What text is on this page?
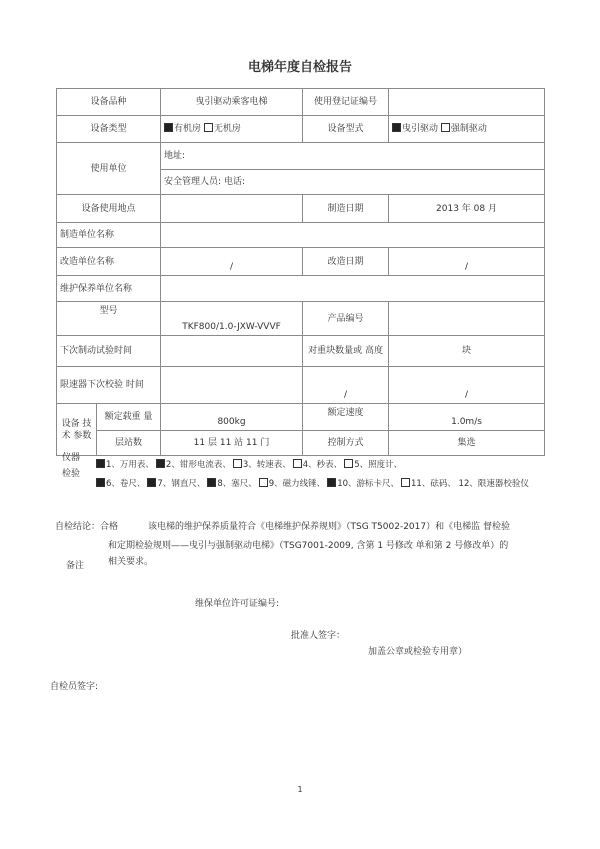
电梯年度自检报告
设备品种		曳引驱动乘客电梯	使用登记证编号	
设备类型		有机房 无机房	设备型式	曳引驱动 强制驱动
使用单位		地址:		
		安全管理人员: 电话:		
设备使用地点			制造日期	2013 年 08 月
制造单位名称				
改造单位名称		/	改造日期	/
维护保养单位名称				
型号		TKF800/1.0-JXW-VVVF	产品编号	
下次制动试验时间			对重块数量或 高度	块
限速器下次校验 时间			/	/
设备 技术 参数	额定载重 量	800kg	额定速度	1.0m/s
	层站数	11 层 11 站 11 门	控制方式	集选
仪器
检验
1、万用表、 2、钳形电流表、 3、转速表、 4、秒表、 5、照度计、
6、卷尺、 7、钢直尺、 8、塞尺、 9、磁力线锤、 10、游标卡尺、 11、砝码、 12、限速器校验仪
自检结论：合格	该电梯的维护保养质量符合《电梯维护保养规则》（TSG T5002-2017）和《电梯监 督检验
和定期检验规则——曳引与强制驱动电梯》（TSG7001-2009, 含第 1 号修改 单和第 2 号修改单）的
相关要求。
备注
维保单位许可证编号:
批准人签字：
加盖公章或检验专用章）
自检员签字:
1
